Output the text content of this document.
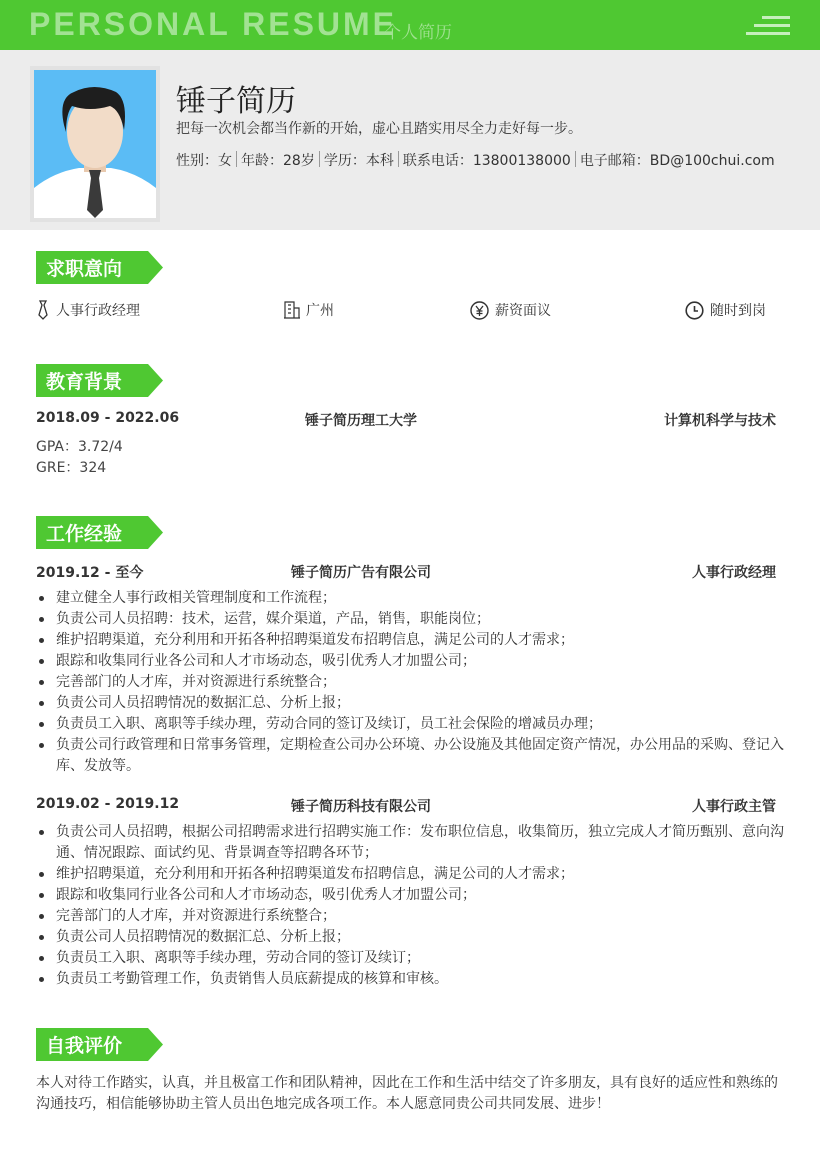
PERSONAL RESUME
个人简历
锤子简历
把每一次机会都当作新的开始，虚心且踏实用尽全力走好每一步。
性别：女 年龄：28岁 学历：本科 联系电话：13800138000 电子邮箱：BD@100chui.com
求职意向
人事行政经理	广州	薪资面议	随时到岗
教育背景
2018.09 - 2022.06	锤子简历理工大学	计算机科学与技术
GPA：3.72/4
GRE：324
工作经验
2019.12 - 至今	锤子简历广告有限公司	人事行政经理
建立健全人事行政相关管理制度和工作流程；
负责公司人员招聘：技术，运营，媒介渠道，产品，销售，职能岗位；
维护招聘渠道，充分利用和开拓各种招聘渠道发布招聘信息，满足公司的人才需求；
跟踪和收集同行业各公司和人才市场动态，吸引优秀人才加盟公司；
完善部门的人才库，并对资源进行系统整合；
负责公司人员招聘情况的数据汇总、分析上报；
负责员工入职、离职等手续办理，劳动合同的签订及续订，员工社会保险的增减员办理；
负责公司行政管理和日常事务管理，定期检查公司办公环境、办公设施及其他固定资产情况，办公用品的采购、登记入库、发放等。
2019.02 - 2019.12	锤子简历科技有限公司	人事行政主管
负责公司人员招聘，根据公司招聘需求进行招聘实施工作：发布职位信息，收集简历，独立完成人才简历甄别、意向沟通、情况跟踪、面试约见、背景调查等招聘各环节；
维护招聘渠道，充分利用和开拓各种招聘渠道发布招聘信息，满足公司的人才需求；
跟踪和收集同行业各公司和人才市场动态，吸引优秀人才加盟公司；
完善部门的人才库，并对资源进行系统整合；
负责公司人员招聘情况的数据汇总、分析上报；
负责员工入职、离职等手续办理，劳动合同的签订及续订；
负责员工考勤管理工作，负责销售人员底薪提成的核算和审核。
自我评价
本人对待工作踏实，认真，并且极富工作和团队精神，因此在工作和生活中结交了许多朋友，具有良好的适应性和熟练的沟通技巧，相信能够协助主管人员出色地完成各项工作。本人愿意同贵公司共同发展、进步！
